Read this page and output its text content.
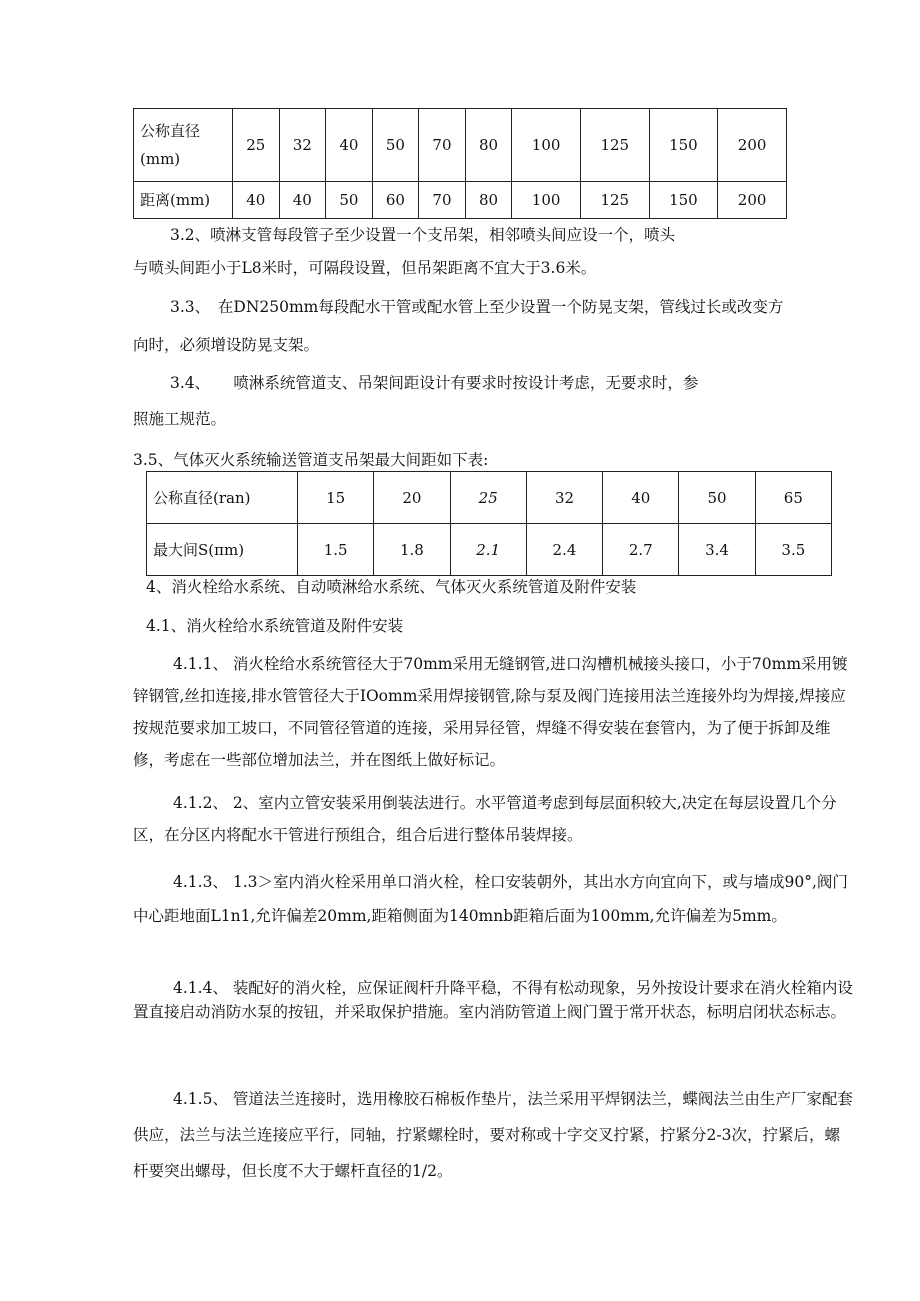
公称直径
(mm)	25	32	40	50	70	80	100	125	150	200
距离(mm)	40	40	50	60	70	80	100	125	150	200
3.2、喷淋支管每段管子至少设置一个支吊架，相邻喷头间应设一个，喷头
与喷头间距小于L8米时，可隔段设置，但吊架距离不宜大于3.6米。
3.3、　在DN250mm每段配水干管或配水管上至少设置一个防晃支架，管线过长或改变方
向时，必须增设防晃支架。
3.4、　　喷淋系统管道支、吊架间距设计有要求时按设计考虑，无要求时，参
照施工规范。
3.5、气体灭火系统输送管道支吊架最大间距如下表:
公称直径(ran)	15	20	25	32	40	50	65
最大间S(πm)	1.5	1.8	2.1	2.4	2.7	3.4	3.5
4、消火栓给水系统、自动喷淋给水系统、气体灭火系统管道及附件安装
4.1、消火栓给水系统管道及附件安装
4.1.1、 消火栓给水系统管径大于70mm采用无缝钢管,进口沟槽机械接头接口，小于70mm采用镀锌钢管,丝扣连接,排水管管径大于IOomm采用焊接钢管,除与泵及阀门连接用法兰连接外均为焊接,焊接应按规范要求加工坡口，不同管径管道的连接，采用异径管，焊缝不得安装在套管内，为了便于拆卸及维修，考虑在一些部位增加法兰，并在图纸上做好标记。
4.1.2、 2、室内立管安装采用倒装法进行。水平管道考虑到每层面积较大,决定在每层设置几个分区，在分区内将配水干管进行预组合，组合后进行整体吊装焊接。
4.1.3、 1.3＞室内消火栓采用单口消火栓，栓口安装朝外，其出水方向宜向下，或与墙成90°,阀门中心距地面L1n1,允许偏差20mm,距箱侧面为140mnb距箱后面为100mm,允许偏差为5mm。
4.1.4、 装配好的消火栓，应保证阀杆升降平稳，不得有松动现象，另外按设计要求在消火栓箱内设置直接启动消防水泵的按钮，并采取保护措施。室内消防管道上阀门置于常开状态，标明启闭状态标志。
4.1.5、 管道法兰连接时，选用橡胶石棉板作垫片，法兰采用平焊钢法兰，蝶阀法兰由生产厂家配套供应，法兰与法兰连接应平行，同轴，拧紧螺栓时，要对称或十字交叉拧紧，拧紧分2-3次，拧紧后，螺杆要突出螺母，但长度不大于螺杆直径的1/2。
